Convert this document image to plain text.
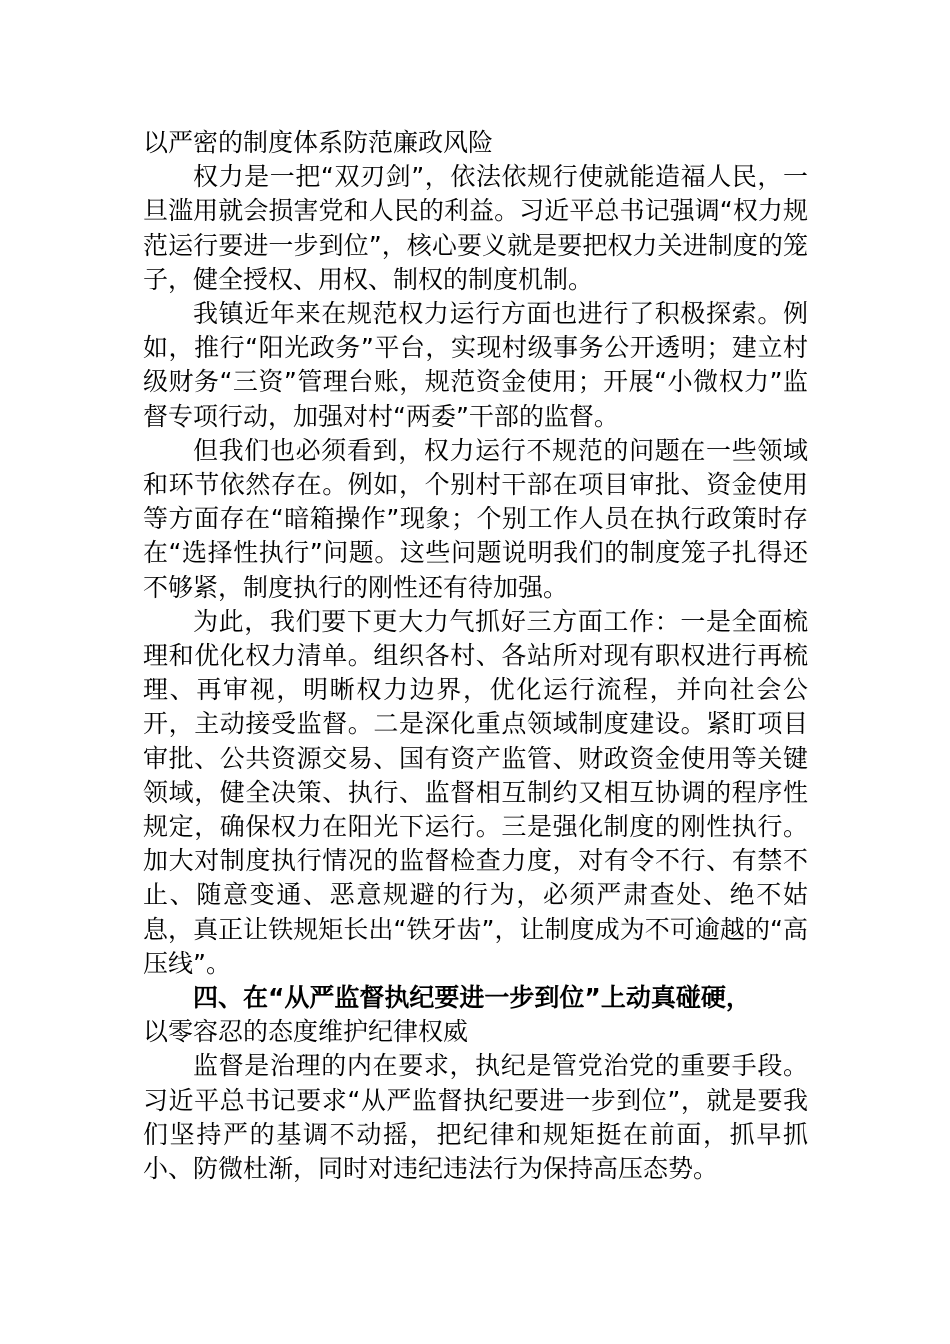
以严密的制度体系防范廉政风险

权力是一把“双刃剑”，依法依规行使就能造福人民，一旦滥用就会损害党和人民的利益。习近平总书记强调“权力规范运行要进一步到位”，核心要义就是要把权力关进制度的笼子，健全授权、用权、制权的制度机制。

我镇近年来在规范权力运行方面也进行了积极探索。例如，推行“阳光政务”平台，实现村级事务公开透明；建立村级财务“三资”管理台账，规范资金使用；开展“小微权力”监督专项行动，加强对村“两委”干部的监督。

但我们也必须看到，权力运行不规范的问题在一些领域和环节依然存在。例如，个别村干部在项目审批、资金使用等方面存在“暗箱操作”现象；个别工作人员在执行政策时存在“选择性执行”问题。这些问题说明我们的制度笼子扎得还不够紧，制度执行的刚性还有待加强。

为此，我们要下更大力气抓好三方面工作：一是全面梳理和优化权力清单。组织各村、各站所对现有职权进行再梳理、再审视，明晰权力边界，优化运行流程，并向社会公开，主动接受监督。二是深化重点领域制度建设。紧盯项目审批、公共资源交易、国有资产监管、财政资金使用等关键领域，健全决策、执行、监督相互制约又相互协调的程序性规定，确保权力在阳光下运行。三是强化制度的刚性执行。加大对制度执行情况的监督检查力度，对有令不行、有禁不止、随意变通、恶意规避的行为，必须严肃查处、绝不姑息，真正让铁规矩长出“铁牙齿”，让制度成为不可逾越的“高压线”。

四、在“从严监督执纪要进一步到位”上动真碰硬，

以零容忍的态度维护纪律权威

监督是治理的内在要求，执纪是管党治党的重要手段。习近平总书记要求“从严监督执纪要进一步到位”，就是要我们坚持严的基调不动摇，把纪律和规矩挺在前面，抓早抓小、防微杜渐，同时对违纪违法行为保持高压态势。
